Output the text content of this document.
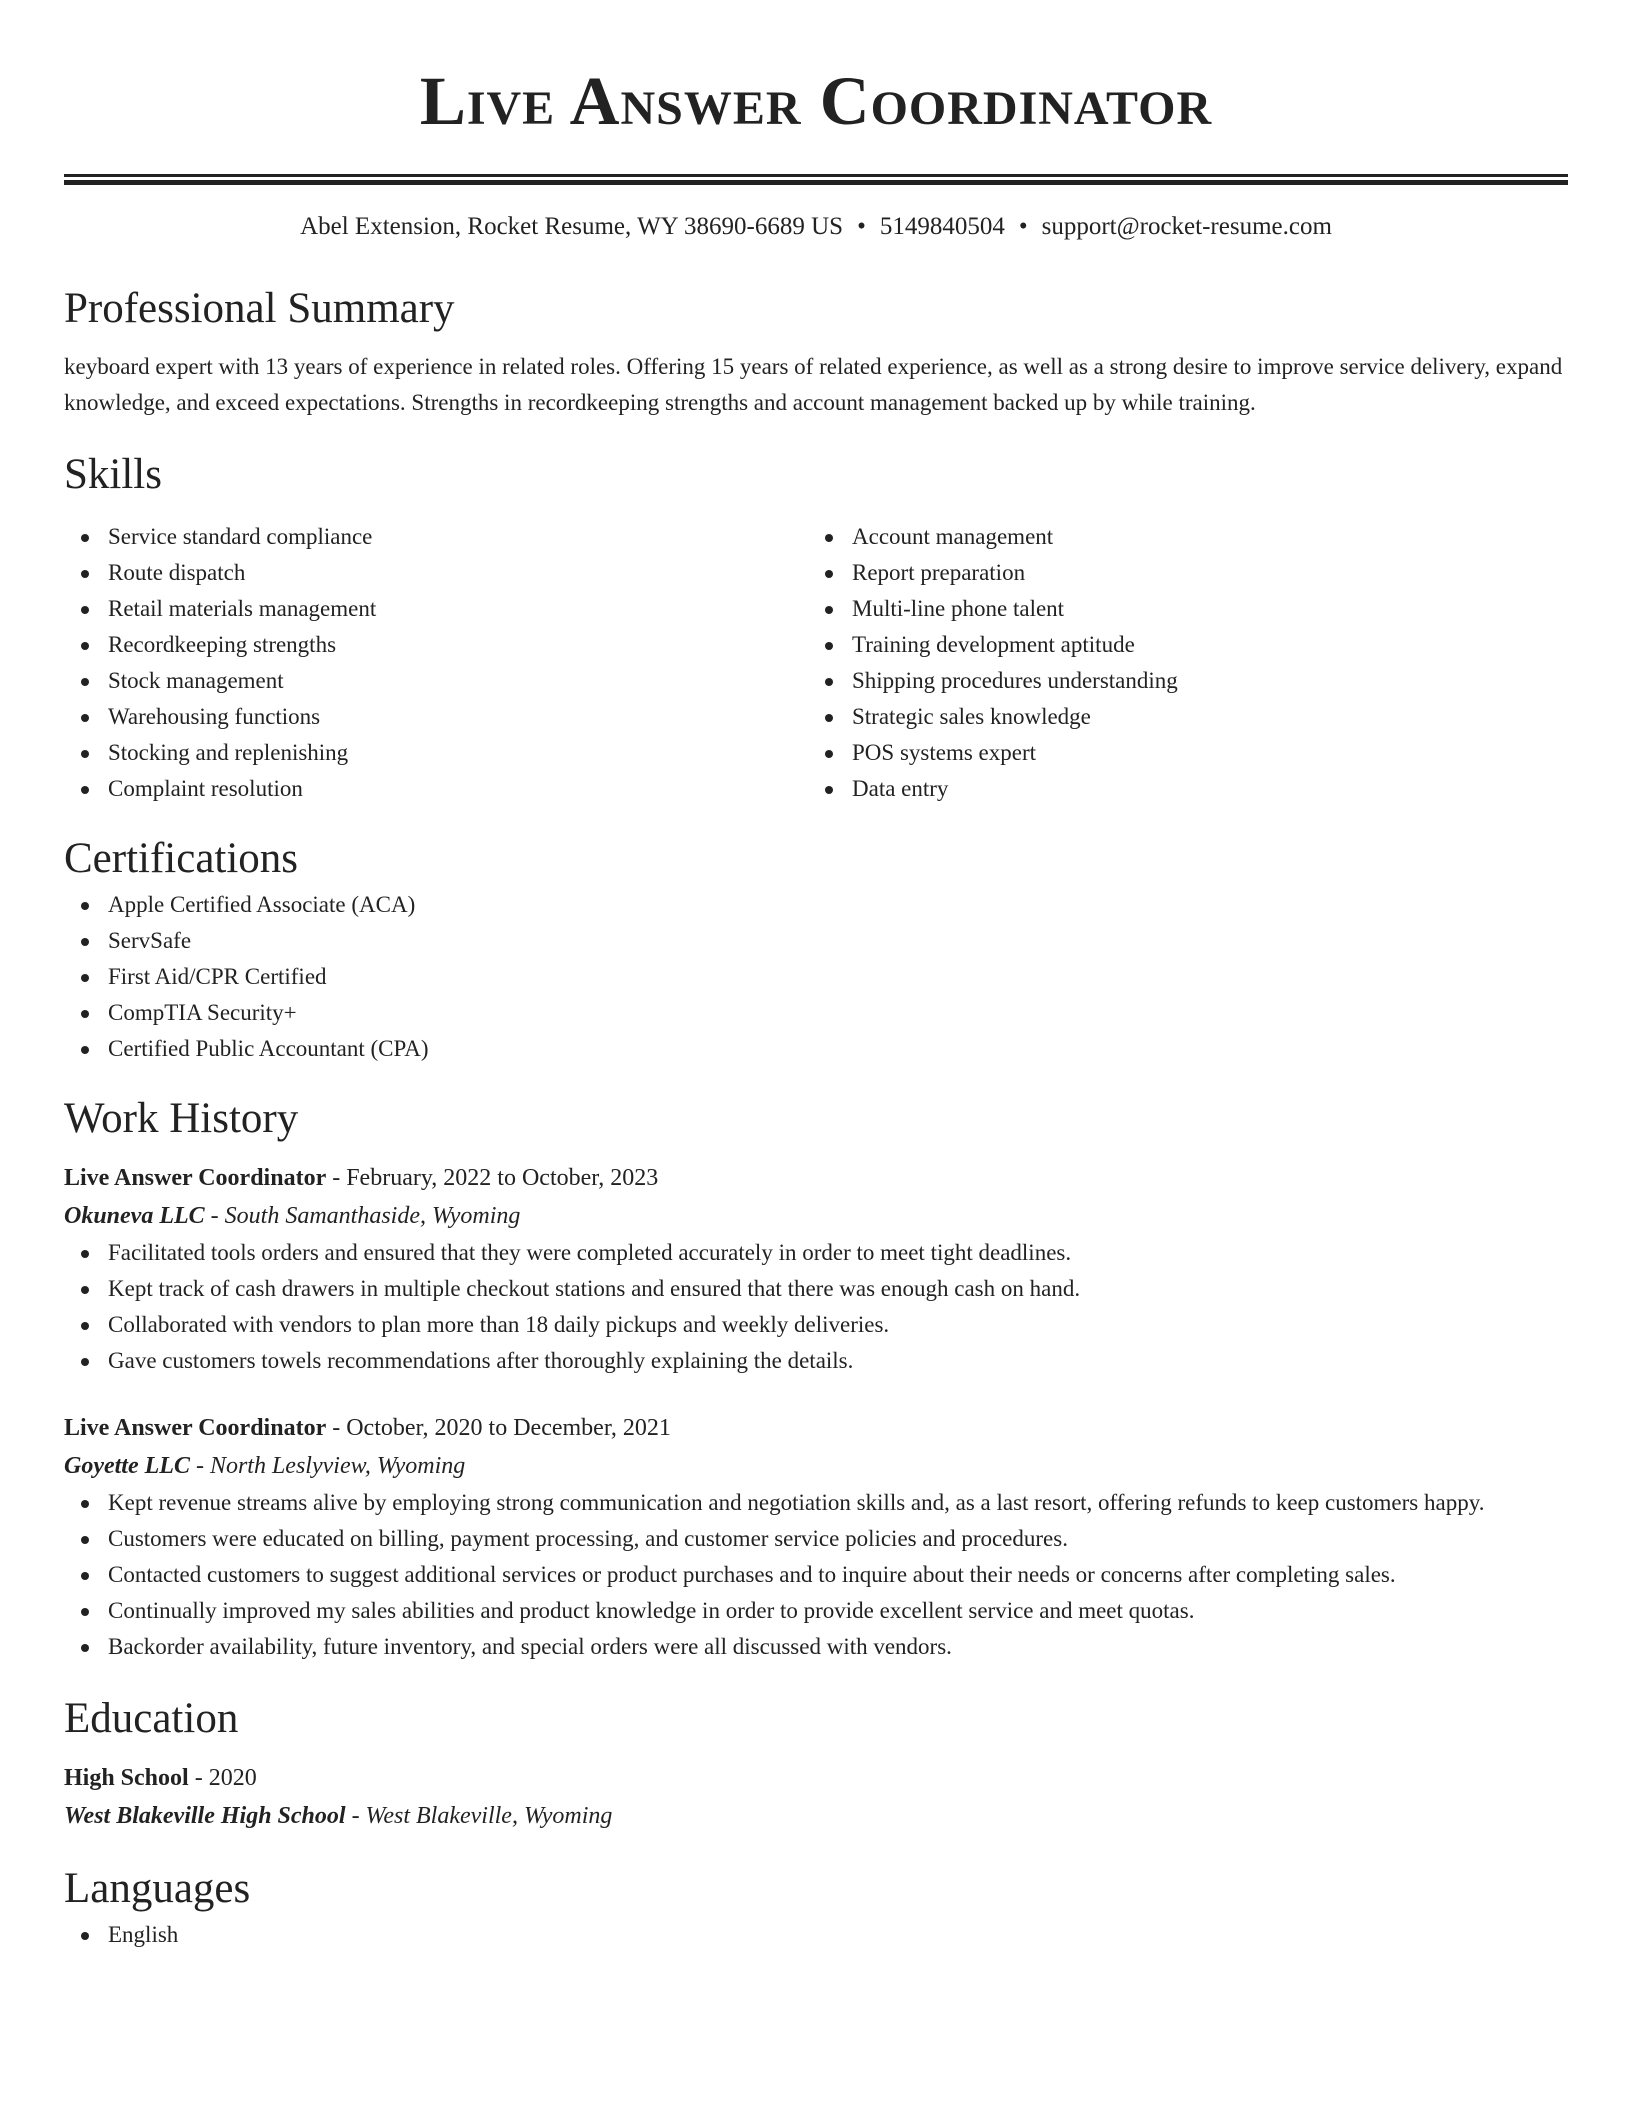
Live Answer Coordinator
Abel Extension, Rocket Resume, WY 38690-6689 US • 5149840504 • support@rocket-resume.com
Professional Summary
keyboard expert with 13 years of experience in related roles. Offering 15 years of related experience, as well as a strong desire to improve service delivery, expand knowledge, and exceed expectations. Strengths in recordkeeping strengths and account management backed up by while training.
Skills
Service standard compliance
Route dispatch
Retail materials management
Recordkeeping strengths
Stock management
Warehousing functions
Stocking and replenishing
Complaint resolution
Account management
Report preparation
Multi-line phone talent
Training development aptitude
Shipping procedures understanding
Strategic sales knowledge
POS systems expert
Data entry
Certifications
Apple Certified Associate (ACA)
ServSafe
First Aid/CPR Certified
CompTIA Security+
Certified Public Accountant (CPA)
Work History
Live Answer Coordinator - February, 2022 to October, 2023
Okuneva LLC - South Samanthaside, Wyoming
Facilitated tools orders and ensured that they were completed accurately in order to meet tight deadlines.
Kept track of cash drawers in multiple checkout stations and ensured that there was enough cash on hand.
Collaborated with vendors to plan more than 18 daily pickups and weekly deliveries.
Gave customers towels recommendations after thoroughly explaining the details.
Live Answer Coordinator - October, 2020 to December, 2021
Goyette LLC - North Leslyview, Wyoming
Kept revenue streams alive by employing strong communication and negotiation skills and, as a last resort, offering refunds to keep customers happy.
Customers were educated on billing, payment processing, and customer service policies and procedures.
Contacted customers to suggest additional services or product purchases and to inquire about their needs or concerns after completing sales.
Continually improved my sales abilities and product knowledge in order to provide excellent service and meet quotas.
Backorder availability, future inventory, and special orders were all discussed with vendors.
Education
High School - 2020
West Blakeville High School - West Blakeville, Wyoming
Languages
English
